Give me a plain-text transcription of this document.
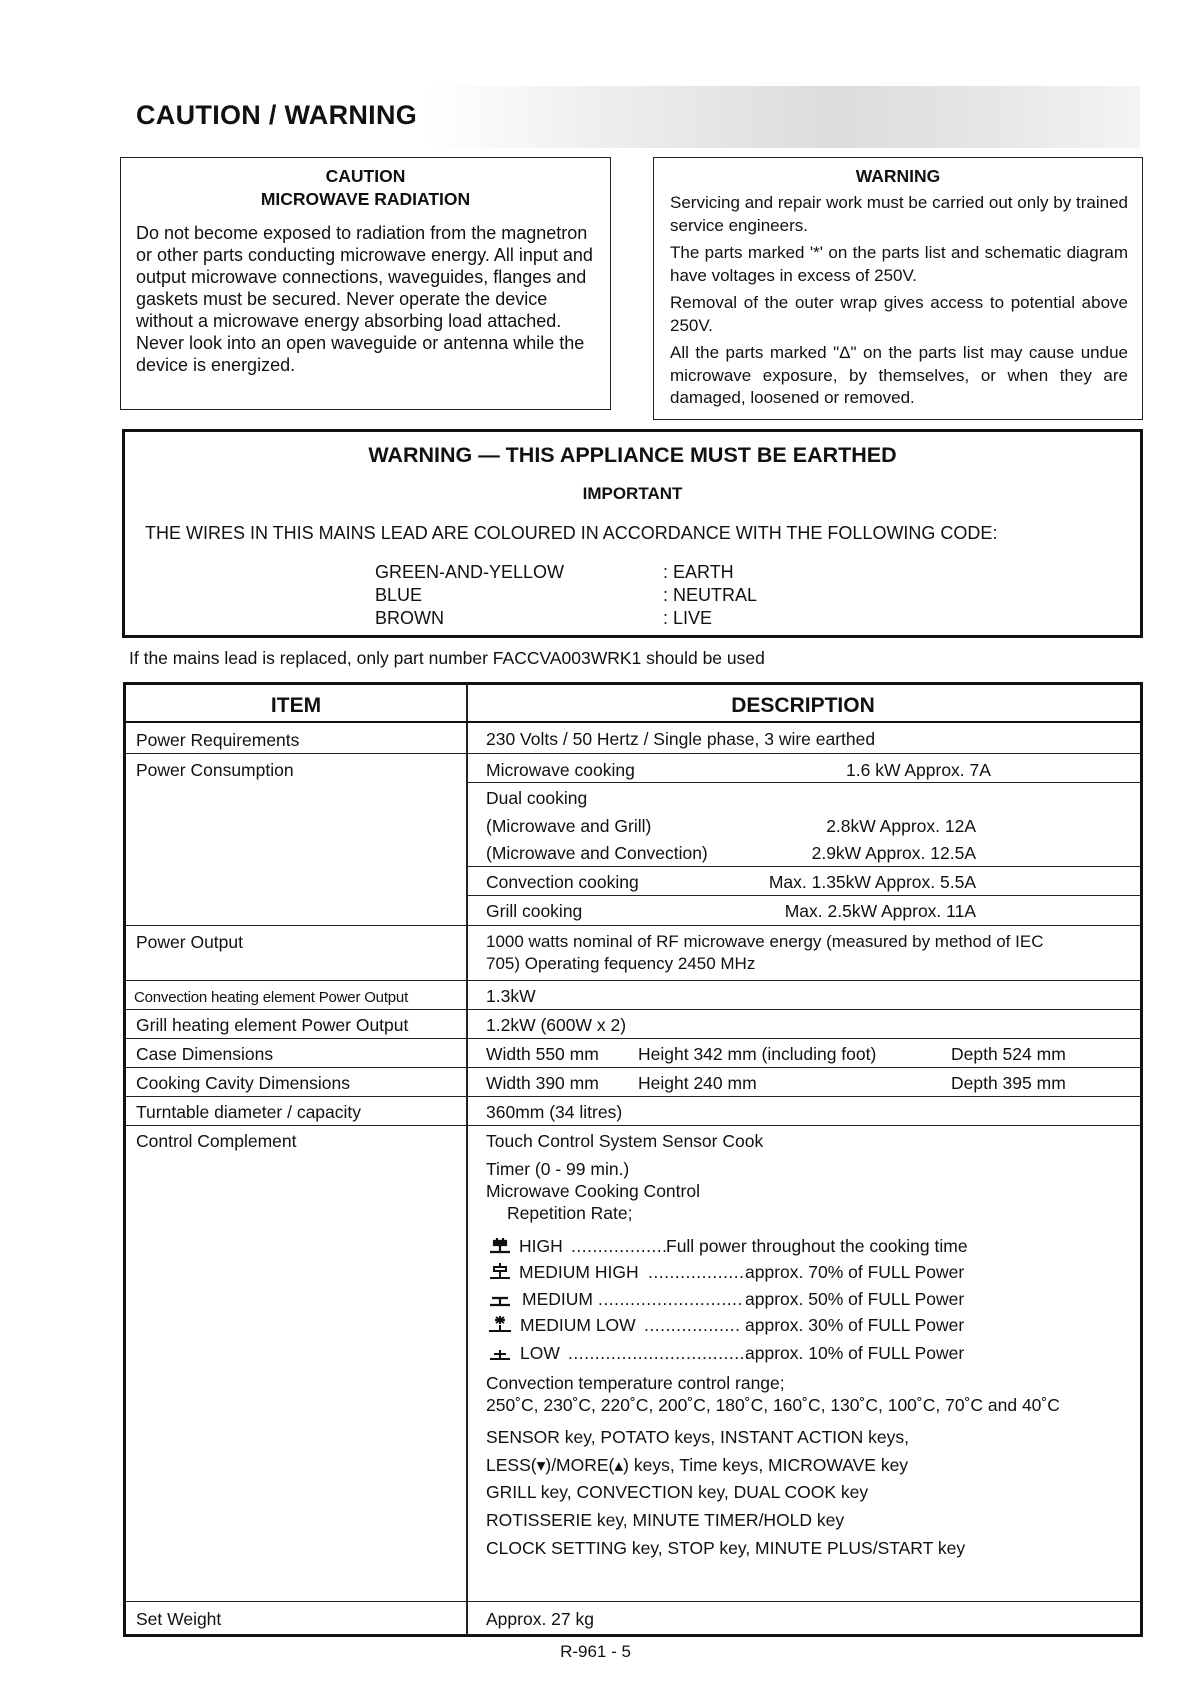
CAUTION / WARNING
CAUTION
MICROWAVE RADIATION
Do not become exposed to radiation from the magnetron or other parts conducting microwave energy. All input and output microwave connections, waveguides, flanges and gaskets must be secured. Never operate the device without a microwave energy absorbing load attached. Never look into an open waveguide or antenna while the device is energized.
WARNING

Servicing and repair work must be carried out only by trained service engineers.

The parts marked '*' on the parts list and schematic diagram have voltages in excess of 250V.

Removal of the outer wrap gives access to potential above 250V.

All the parts marked "Δ" on the parts list may cause undue microwave exposure, by themselves, or when they are damaged, loosened or removed.

WARNING — THIS APPLIANCE MUST BE EARTHED
IMPORTANT
THE WIRES IN THIS MAINS LEAD ARE COLOURED IN ACCORDANCE WITH THE FOLLOWING CODE:
GREEN-AND-YELLOW	: EARTH
BLUE	: NEUTRAL
BROWN	: LIVE
If the mains lead is replaced, only part number FACCVA003WRK1 should be used
ITEM	DESCRIPTION
Power Requirements	230 Volts / 50 Hertz / Single phase, 3 wire earthed
Power Consumption	Microwave cooking	1.6 kW Approx. 7A
Dual cooking
(Microwave and Grill)	2.8kW Approx. 12A
(Microwave and Convection)	2.9kW Approx. 12.5A
Convection cooking	Max. 1.35kW Approx. 5.5A
Grill cooking	Max. 2.5kW Approx. 11A
Power Output	1000 watts nominal of RF microwave energy (measured by method of IEC
705) Operating fequency 2450 MHz
Convection heating element Power Output	1.3kW
Grill heating element Power Output	1.2kW (600W x 2)
Case Dimensions	Width 550 mm Height 342 mm (including foot)	Depth 524 mm
Cooking Cavity Dimensions	Width 390 mm Height 240 mm	Depth 395 mm
Turntable diameter / capacity	360mm (34 litres)
Control Complement	Touch Control System Sensor Cook
Timer (0 - 99 min.)
Microwave Cooking Control
Repetition Rate;
HIGH ..................
Full power throughout the cooking time
MEDIUM HIGH .................. approx. 70% of FULL Power
MEDIUM ........................... approx. 50% of FULL Power
MEDIUM LOW .................. approx. 30% of FULL Power
LOW ..................................
approx. 10% of FULL Power
Convection temperature control range;
250˚C, 230˚C, 220˚C, 200˚C, 180˚C, 160˚C, 130˚C, 100˚C, 70˚C and 40˚C
SENSOR key, POTATO keys, INSTANT ACTION keys,
LESS(▾)/MORE(▴) keys, Time keys, MICROWAVE key
GRILL key, CONVECTION key, DUAL COOK key
ROTISSERIE key, MINUTE TIMER/HOLD key
CLOCK SETTING key, STOP key, MINUTE PLUS/START key
Set Weight	Approx. 27 kg
R-961 - 5
